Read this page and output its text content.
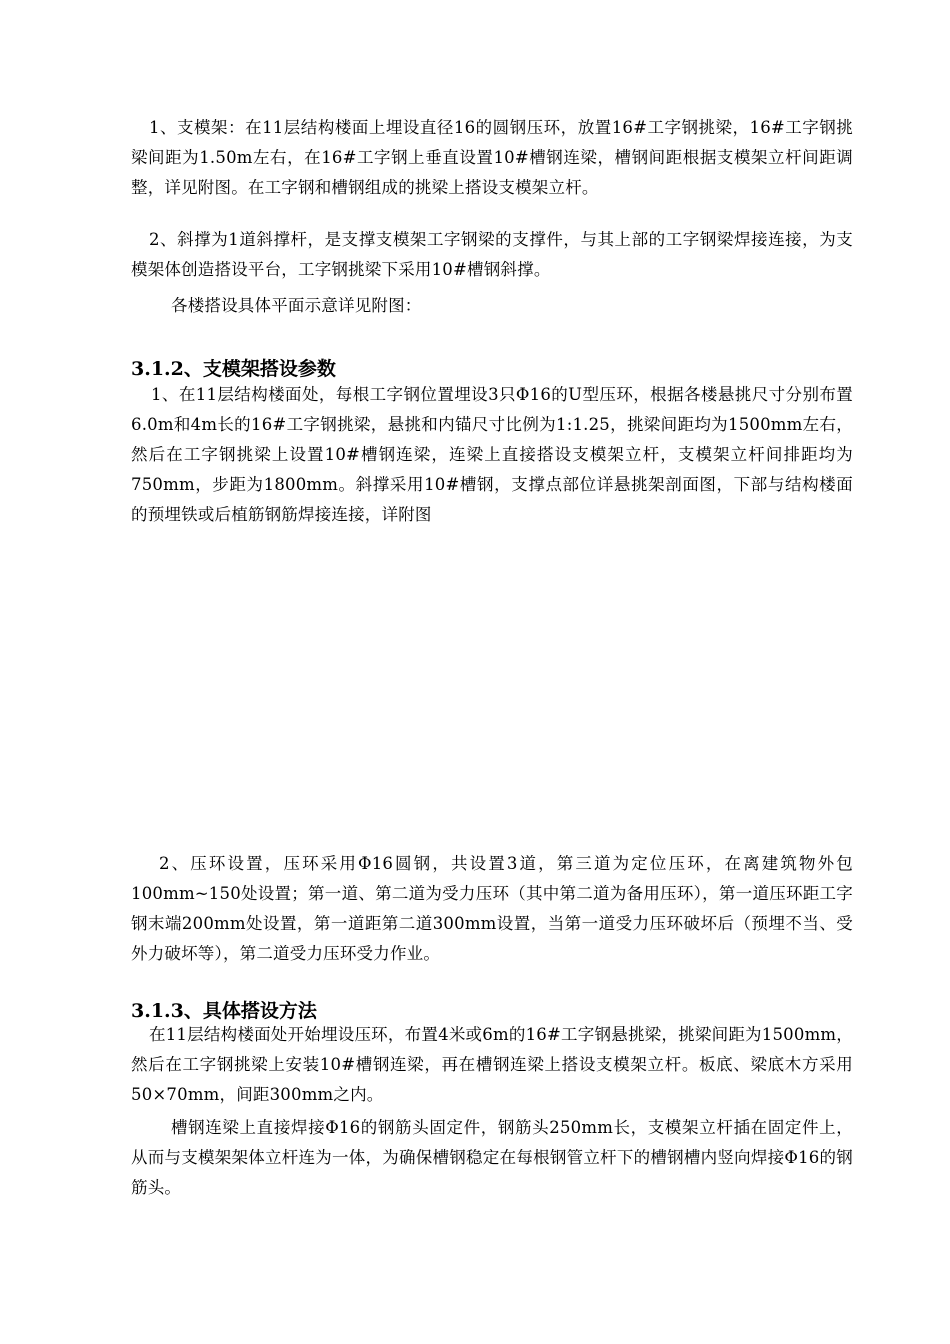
1、支模架：在11层结构楼面上埋设直径16的圆钢压环，放置16#工字钢挑梁，16#工字钢挑梁间距为1.50m左右，在16#工字钢上垂直设置10#槽钢连梁，槽钢间距根据支模架立杆间距调整，详见附图。在工字钢和槽钢组成的挑梁上搭设支模架立杆。

2、斜撑为1道斜撑杆，是支撑支模架工字钢梁的支撑件，与其上部的工字钢梁焊接连接，为支模架体创造搭设平台，工字钢挑梁下采用10#槽钢斜撑。

各楼搭设具体平面示意详见附图：

3.1.2、支模架搭设参数

1、在11层结构楼面处，每根工字钢位置埋设3只Φ16的U型压环，根据各楼悬挑尺寸分别布置6.0m和4m长的16#工字钢挑梁，悬挑和内锚尺寸比例为1:1.25，挑梁间距均为1500mm左右，然后在工字钢挑梁上设置10#槽钢连梁，连梁上直接搭设支模架立杆，支模架立杆间排距均为750mm，步距为1800mm。斜撑采用10#槽钢，支撑点部位详悬挑架剖面图，下部与结构楼面的预埋铁或后植筋钢筋焊接连接，详附图

2、压环设置，压环采用Φ16圆钢，共设置3道，第三道为定位压环，在离建筑物外包100mm~150处设置；第一道、第二道为受力压环（其中第二道为备用压环），第一道压环距工字钢末端200mm处设置，第一道距第二道300mm设置，当第一道受力压环破坏后（预埋不当、受外力破坏等），第二道受力压环受力作业。

3.1.3、具体搭设方法

在11层结构楼面处开始埋设压环，布置4米或6m的16#工字钢悬挑梁，挑梁间距为1500mm，然后在工字钢挑梁上安装10#槽钢连梁，再在槽钢连梁上搭设支模架立杆。板底、梁底木方采用50×70mm，间距300mm之内。

槽钢连梁上直接焊接Φ16的钢筋头固定件，钢筋头250mm长，支模架立杆插在固定件上，从而与支模架架体立杆连为一体，为确保槽钢稳定在每根钢管立杆下的槽钢槽内竖向焊接Φ16的钢筋头。
